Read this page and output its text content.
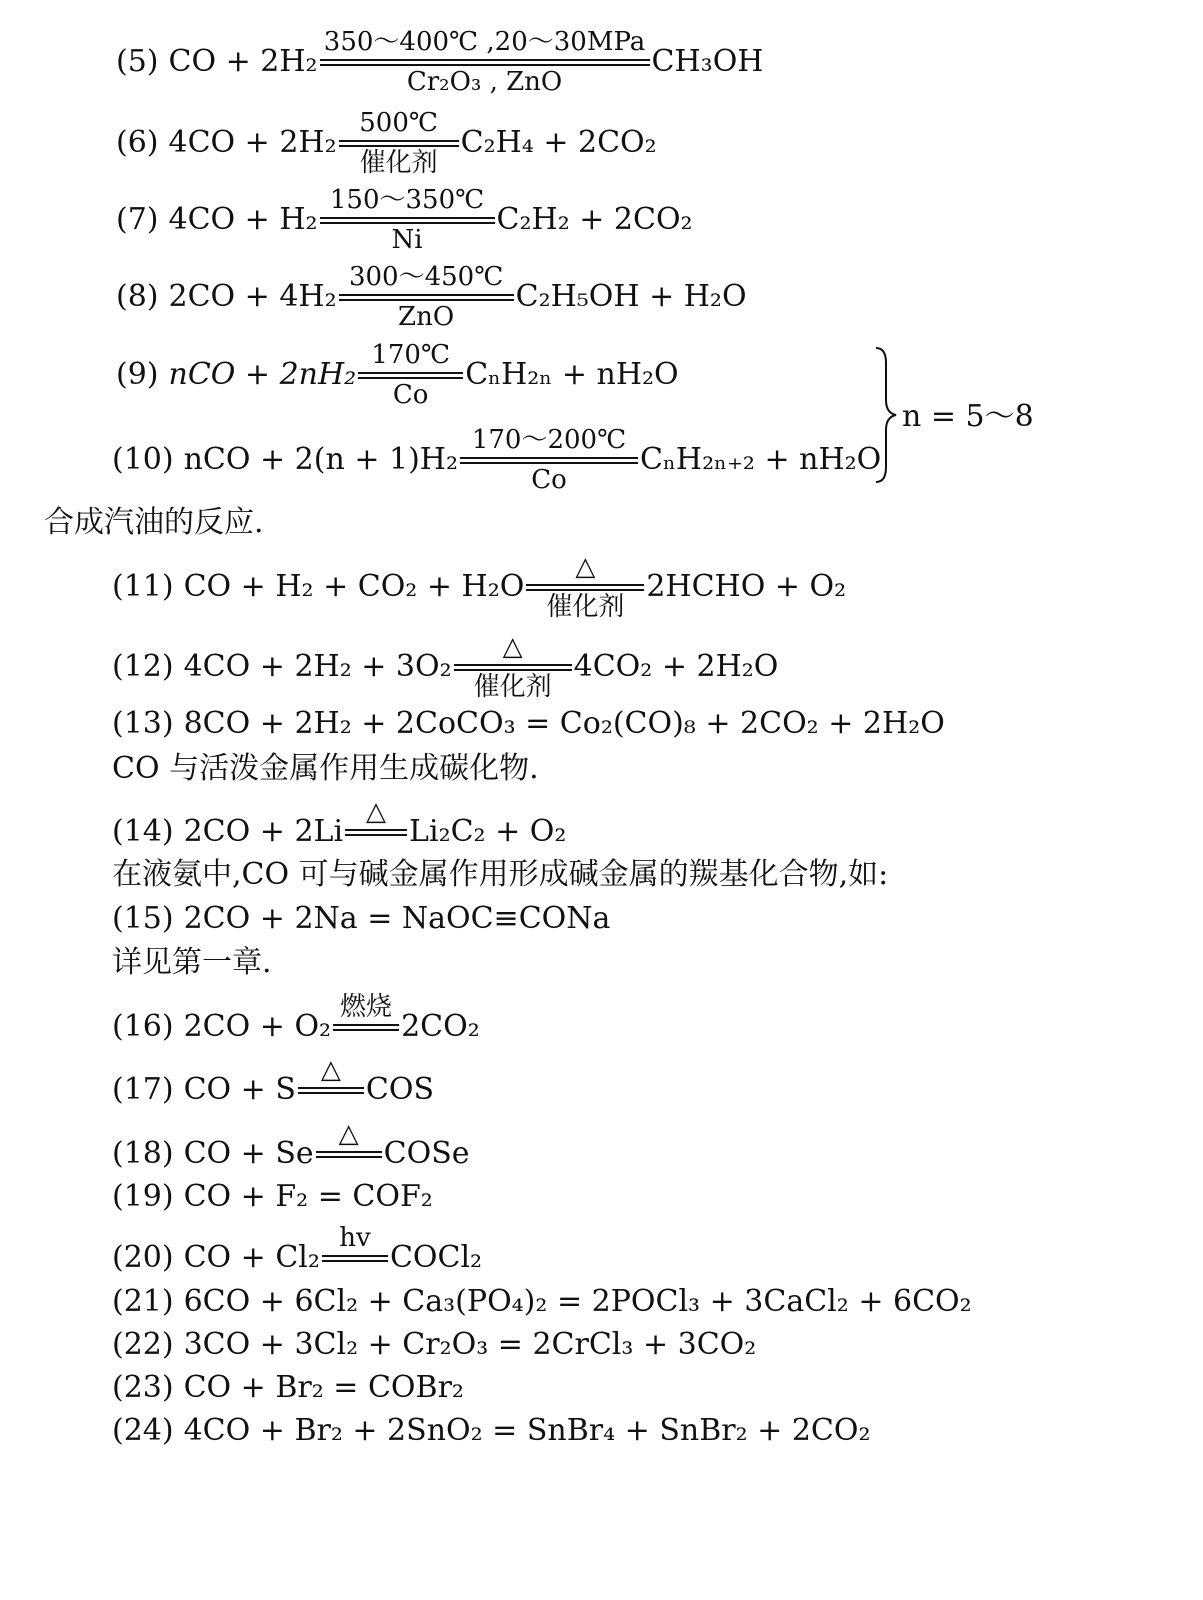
(5) CO + 2H₂
350～400℃ ,20～30MPa
Cr₂O₃ , ZnO
CH₃OH
(6) 4CO + 2H₂
500℃
催化剂
C₂H₄ + 2CO₂
(7) 4CO + H₂
150～350℃
Ni
C₂H₂ + 2CO₂
(8) 2CO + 4H₂
300～450℃
ZnO
C₂H₅OH + H₂O
(9) nCO + 2nH₂
170℃
Co
CₙH₂ₙ + nH₂O
(10) nCO + 2(n + 1)H₂
170～200℃
Co
CₙH₂ₙ₊₂ + nH₂O
n = 5～8
合成汽油的反应.
(11) CO + H₂ + CO₂ + H₂O
△
催化剂
2HCHO + O₂
(12) 4CO + 2H₂ + 3O₂
△
催化剂
4CO₂ + 2H₂O
(13) 8CO + 2H₂ + 2CoCO₃ = Co₂(CO)₈ + 2CO₂ + 2H₂O
CO 与活泼金属作用生成碳化物.
(14) 2CO + 2Li
△
Li₂C₂ + O₂
在液氨中,CO 可与碱金属作用形成碱金属的羰基化合物,如:
(15) 2CO + 2Na = NaOC≡CONa
详见第一章.
(16) 2CO + O₂
燃烧
2CO₂
(17) CO + S
△
COS
(18) CO + Se
△
COSe
(19) CO + F₂ = COF₂
(20) CO + Cl₂
hv
COCl₂
(21) 6CO + 6Cl₂ + Ca₃(PO₄)₂ = 2POCl₃ + 3CaCl₂ + 6CO₂
(22) 3CO + 3Cl₂ + Cr₂O₃ = 2CrCl₃ + 3CO₂
(23) CO + Br₂ = COBr₂
(24) 4CO + Br₂ + 2SnO₂ = SnBr₄ + SnBr₂ + 2CO₂
